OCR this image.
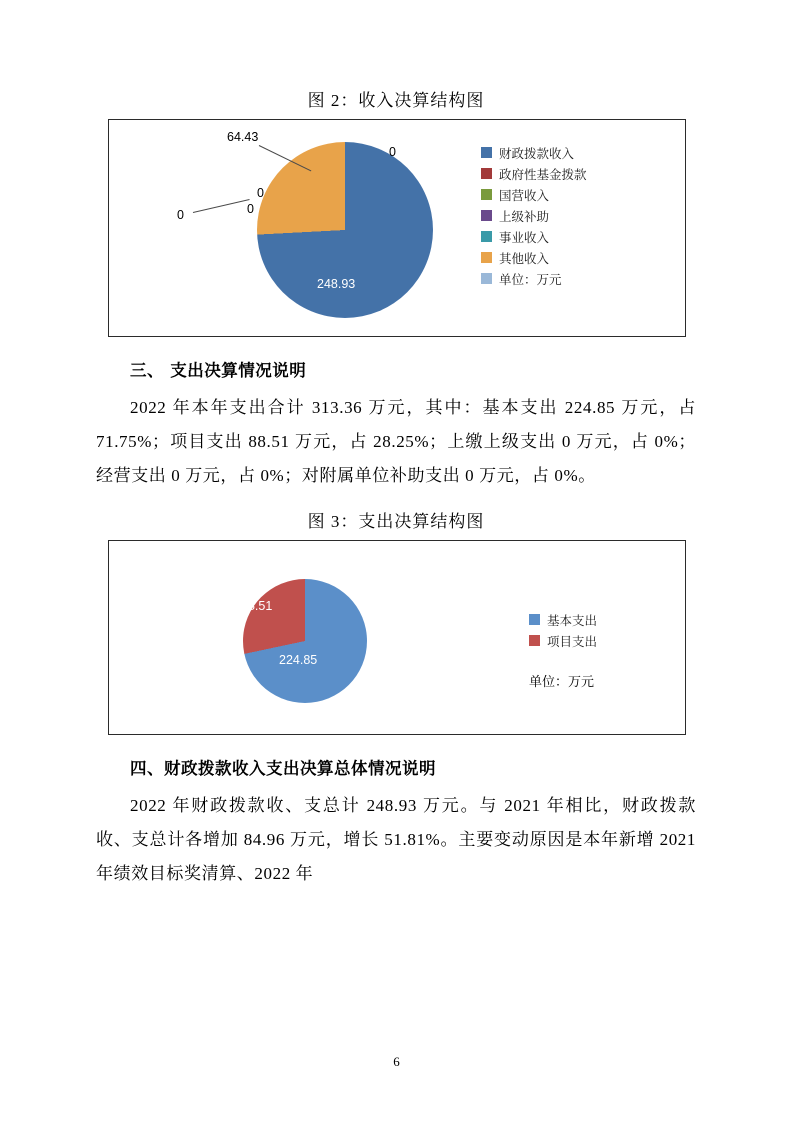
图 2：收入决算结构图
248.93
64.43
0
0
0
0
财政拨款收入
政府性基金拨款
国营收入
上级补助
事业收入
其他收入
单位：万元
三、 支出决算情况说明

2022 年本年支出合计 313.36 万元，其中：基本支出 224.85 万元，占 71.75%；项目支出 88.51 万元，占 28.25%；上缴上级支出 0 万元，占 0%；经营支出 0 万元，占 0%；对附属单位补助支出 0 万元，占 0%。

图 3：支出决算结构图
224.85
88.51
基本支出
项目支出
单位：万元
四、财政拨款收入支出决算总体情况说明

2022 年财政拨款收、支总计 248.93 万元。与 2021 年相比，财政拨款收、支总计各增加 84.96 万元，增长 51.81%。主要变动原因是本年新增 2021 年绩效目标奖清算、2022 年

6
